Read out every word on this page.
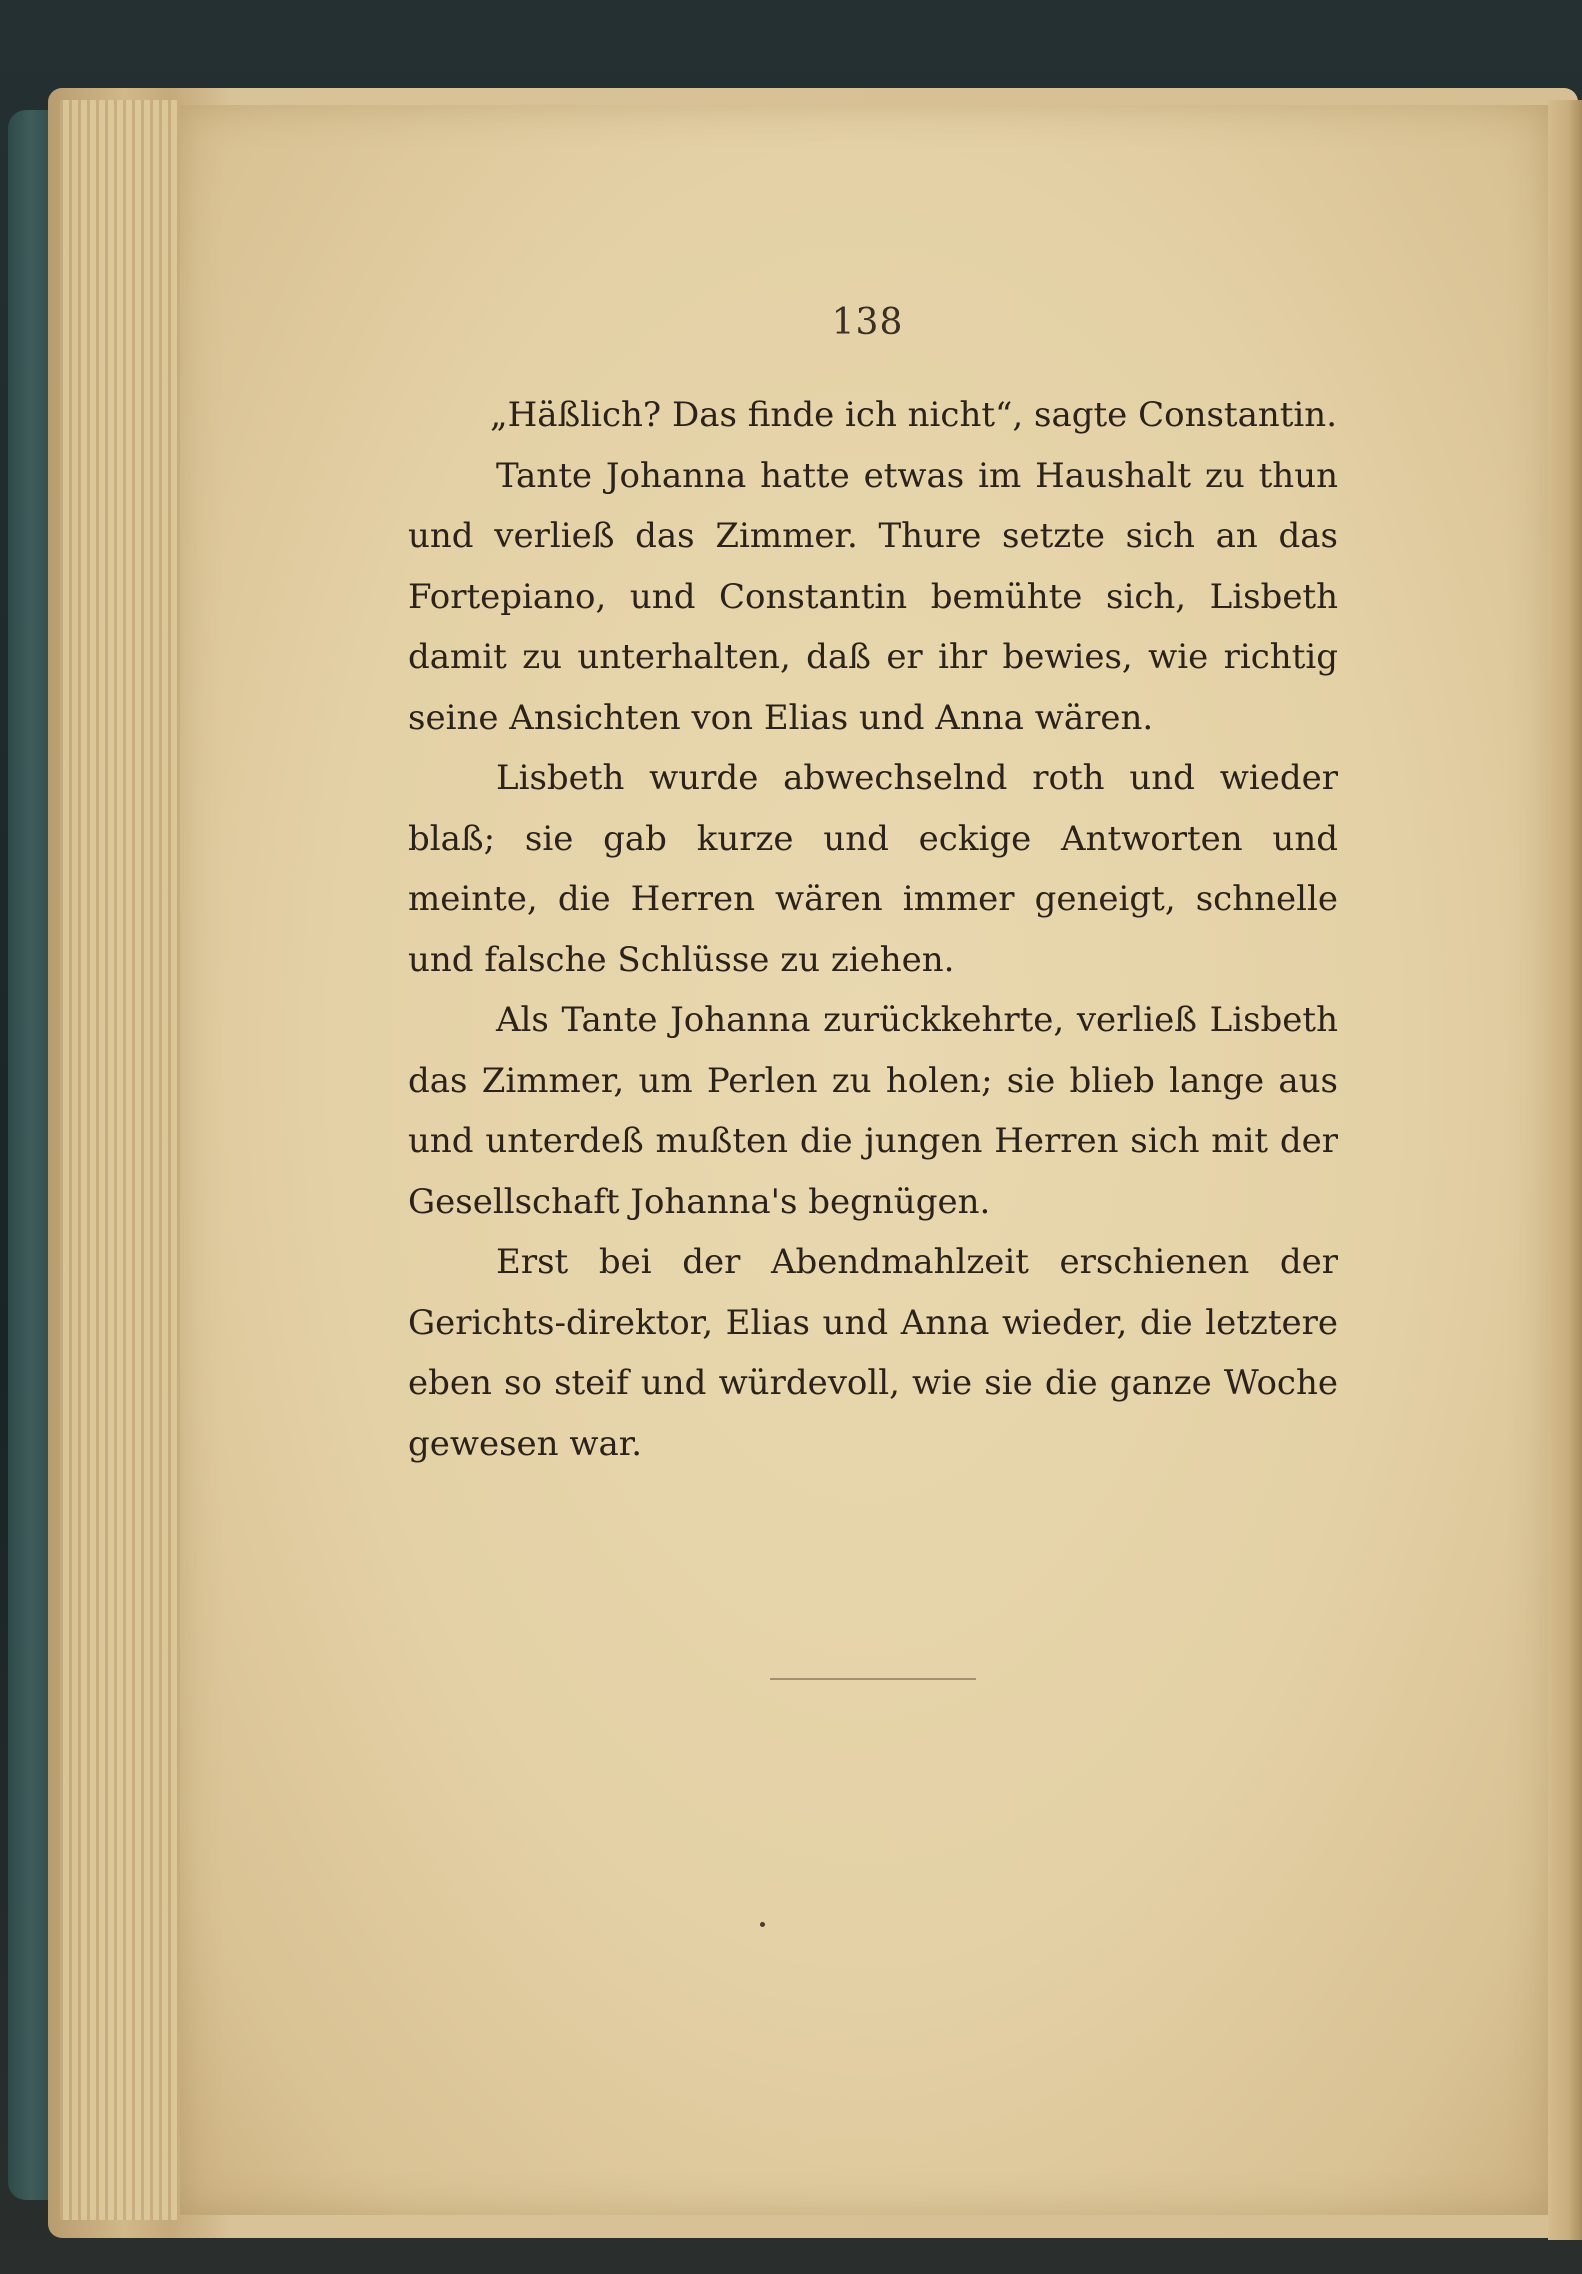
138

„Häßlich? Das finde ich nicht“, sagte Constantin.

Tante Johanna hatte etwas im Haushalt zu thun und verließ das Zimmer. Thure setzte sich an das Fortepiano, und Constantin bemühte sich, Lisbeth damit zu unterhalten, daß er ihr bewies, wie richtig seine Ansichten von Elias und Anna wären.

Lisbeth wurde abwechselnd roth und wieder blaß; sie gab kurze und eckige Antworten und meinte, die Herren wären immer geneigt, schnelle und falsche Schlüsse zu ziehen.

Als Tante Johanna zurückkehrte, verließ Lisbeth das Zimmer, um Perlen zu holen; sie blieb lange aus und unterdeß mußten die jungen Herren sich mit der Gesellschaft Johanna's begnügen.

Erst bei der Abendmahlzeit erschienen der Gerichts-direktor, Elias und Anna wieder, die letztere eben so steif und würdevoll, wie sie die ganze Woche gewesen war.
